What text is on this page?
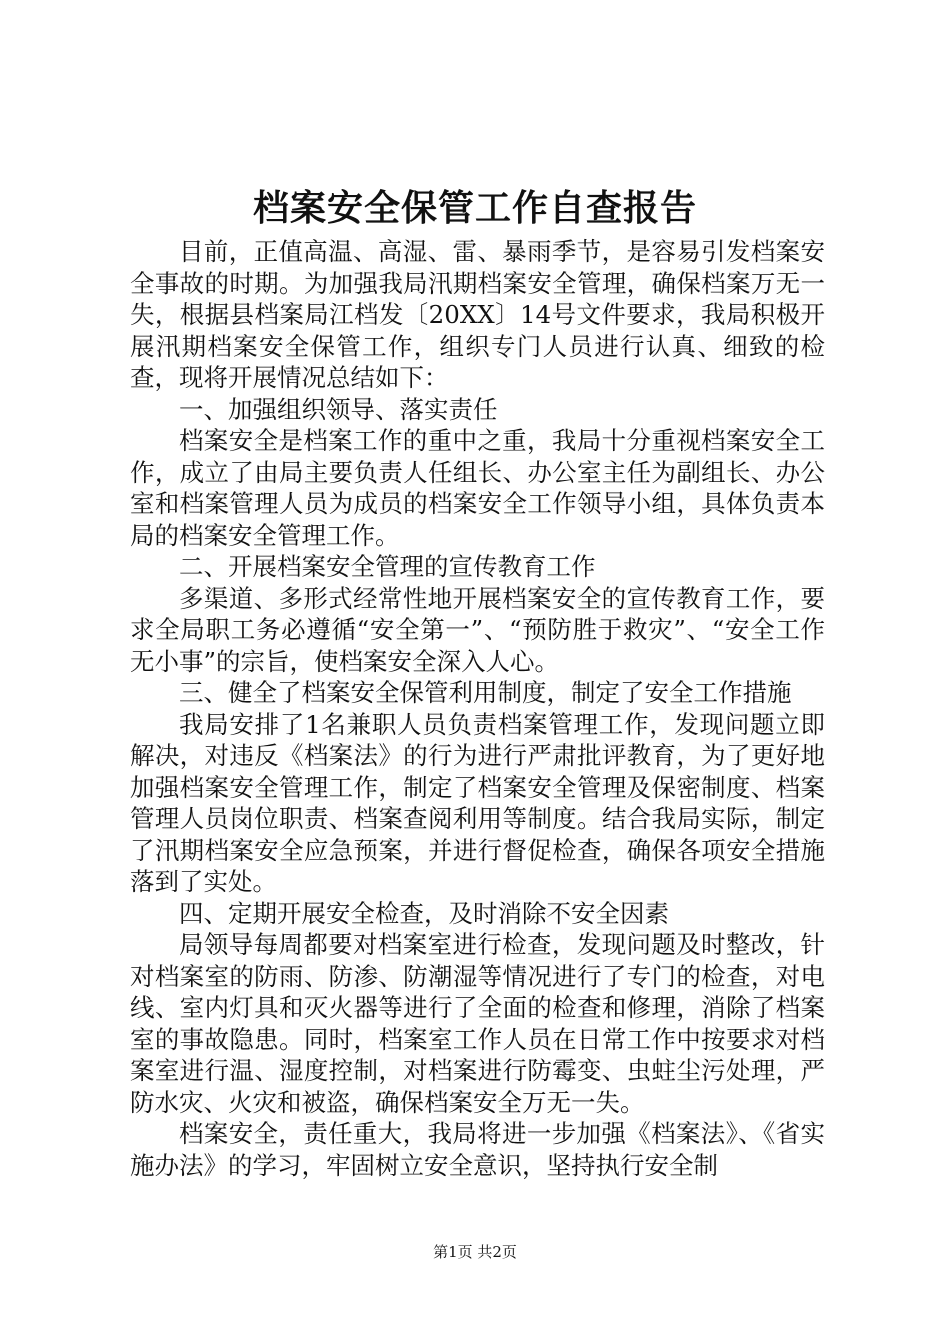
档案安全保管工作自查报告

目前，正值高温、高湿、雷、暴雨季节，是容易引发档案安全事故的时期。为加强我局汛期档案安全管理，确保档案万无一失，根据县档案局江档发〔20XX〕14号文件要求，我局积极开展汛期档案安全保管工作，组织专门人员进行认真、细致的检查，现将开展情况总结如下：

一、加强组织领导、落实责任

档案安全是档案工作的重中之重，我局十分重视档案安全工作，成立了由局主要负责人任组长、办公室主任为副组长、办公室和档案管理人员为成员的档案安全工作领导小组，具体负责本局的档案安全管理工作。

二、开展档案安全管理的宣传教育工作

多渠道、多形式经常性地开展档案安全的宣传教育工作，要求全局职工务必遵循“安全第一”、“预防胜于救灾”、“安全工作无小事”的宗旨，使档案安全深入人心。

三、健全了档案安全保管利用制度，制定了安全工作措施

我局安排了1名兼职人员负责档案管理工作，发现问题立即解决，对违反《档案法》的行为进行严肃批评教育，为了更好地加强档案安全管理工作，制定了档案安全管理及保密制度、档案管理人员岗位职责、档案查阅利用等制度。结合我局实际，制定了汛期档案安全应急预案，并进行督促检查，确保各项安全措施落到了实处。

四、定期开展安全检查，及时消除不安全因素

局领导每周都要对档案室进行检查，发现问题及时整改，针对档案室的防雨、防渗、防潮湿等情况进行了专门的检查，对电线、室内灯具和灭火器等进行了全面的检查和修理，消除了档案室的事故隐患。同时，档案室工作人员在日常工作中按要求对档案室进行温、湿度控制，对档案进行防霉变、虫蛀尘污处理，严防水灾、火灾和被盗，确保档案安全万无一失。

档案安全，责任重大，我局将进一步加强《档案法》、《省实施办法》的学习，牢固树立安全意识，坚持执行安全制

第1页 共2页
